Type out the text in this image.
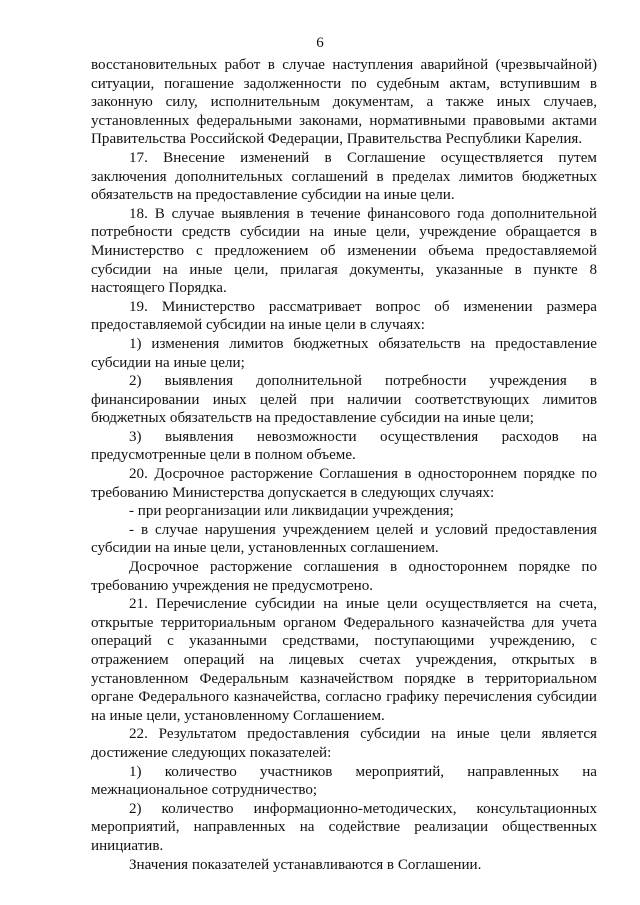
6

восстановительных работ в случае наступления аварийной (чрезвычайной) ситуации, погашение задолженности по судебным актам, вступившим в законную силу, исполнительным документам, а также иных случаев, установленных федеральными законами, нормативными правовыми актами Правительства Российской Федерации, Правительства Республики Карелия.

17. Внесение изменений в Соглашение осуществляется путем заключения дополнительных соглашений в пределах лимитов бюджетных обязательств на предоставление субсидии на иные цели.

18. В случае выявления в течение финансового года дополнительной потребности средств субсидии на иные цели, учреждение обращается в Министерство с предложением об изменении объема предоставляемой субсидии на иные цели, прилагая документы, указанные в пункте 8 настоящего Порядка.

19. Министерство рассматривает вопрос об изменении размера предоставляемой субсидии на иные цели в случаях:

1) изменения лимитов бюджетных обязательств на предоставление субсидии на иные цели;

2) выявления дополнительной потребности учреждения в финансировании иных целей при наличии соответствующих лимитов бюджетных обязательств на предоставление субсидии на иные цели;

3) выявления невозможности осуществления расходов на предусмотренные цели в полном объеме.

20. Досрочное расторжение Соглашения в одностороннем порядке по требованию Министерства допускается в следующих случаях:

- при реорганизации или ликвидации учреждения;

- в случае нарушения учреждением целей и условий предоставления субсидии на иные цели, установленных соглашением.

Досрочное расторжение соглашения в одностороннем порядке по требованию учреждения не предусмотрено.

21. Перечисление субсидии на иные цели осуществляется на счета, открытые территориальным органом Федерального казначейства для учета операций с указанными средствами, поступающими учреждению, с отражением операций на лицевых счетах учреждения, открытых в установленном Федеральным казначейством порядке в территориальном органе Федерального казначейства, согласно графику перечисления субсидии на иные цели, установленному Соглашением.

22. Результатом предоставления субсидии на иные цели является достижение следующих показателей:

1) количество участников мероприятий, направленных на межнациональное сотрудничество;

2) количество информационно-методических, консультационных мероприятий, направленных на содействие реализации общественных инициатив.

Значения показателей устанавливаются в Соглашении.
